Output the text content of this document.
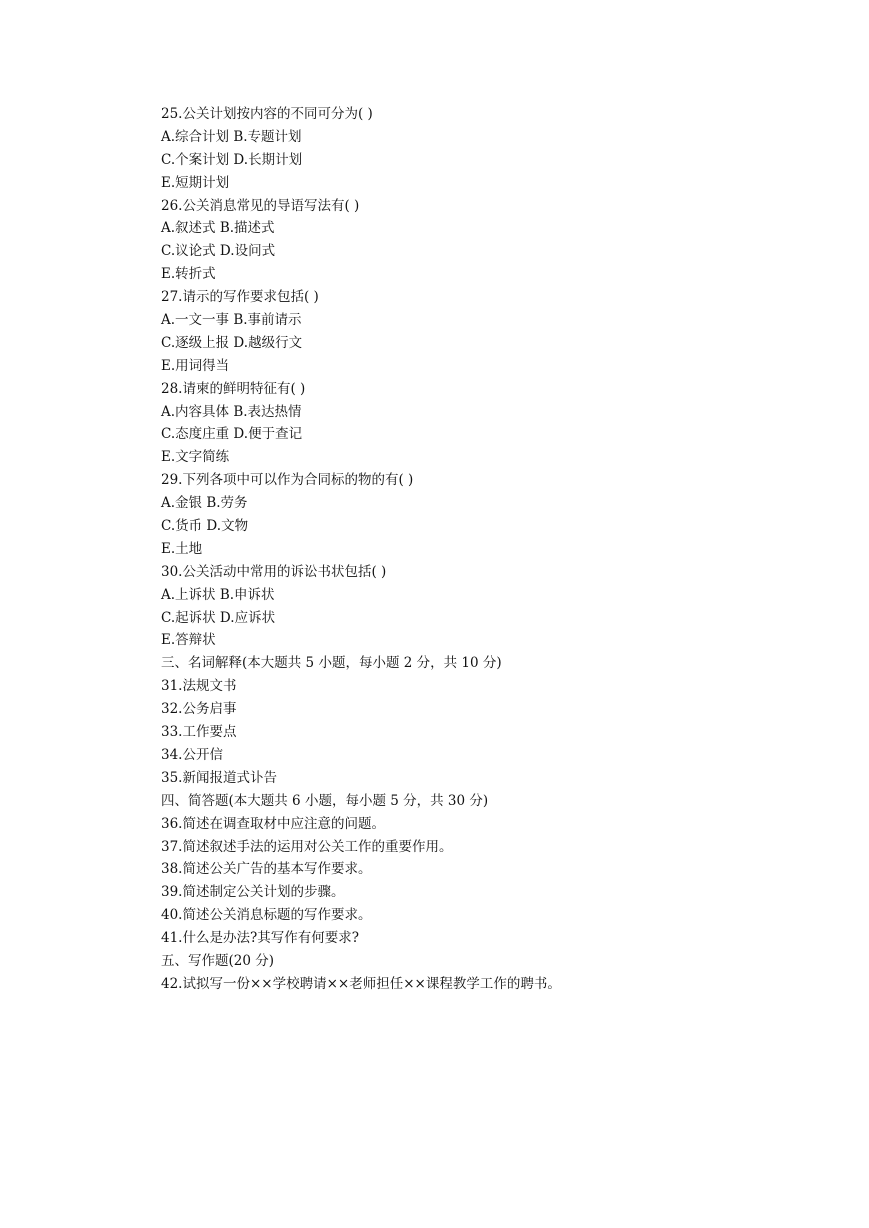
25.公关计划按内容的不同可分为( )
A.综合计划 B.专题计划
C.个案计划 D.长期计划
E.短期计划
26.公关消息常见的导语写法有( )
A.叙述式 B.描述式
C.议论式 D.设问式
E.转折式
27.请示的写作要求包括( )
A.一文一事 B.事前请示
C.逐级上报 D.越级行文
E.用词得当
28.请柬的鲜明特征有( )
A.内容具体 B.表达热情
C.态度庄重 D.便于查记
E.文字简练
29.下列各项中可以作为合同标的物的有( )
A.金银 B.劳务
C.货币 D.文物
E.土地
30.公关活动中常用的诉讼书状包括( )
A.上诉状 B.申诉状
C.起诉状 D.应诉状
E.答辩状
三、名词解释(本大题共 5 小题，每小题 2 分，共 10 分)
31.法规文书
32.公务启事
33.工作要点
34.公开信
35.新闻报道式讣告
四、简答题(本大题共 6 小题，每小题 5 分，共 30 分)
36.简述在调查取材中应注意的问题。
37.简述叙述手法的运用对公关工作的重要作用。
38.简述公关广告的基本写作要求。
39.简述制定公关计划的步骤。
40.简述公关消息标题的写作要求。
41.什么是办法?其写作有何要求?
五、写作题(20 分)
42.试拟写一份××学校聘请××老师担任××课程教学工作的聘书。
